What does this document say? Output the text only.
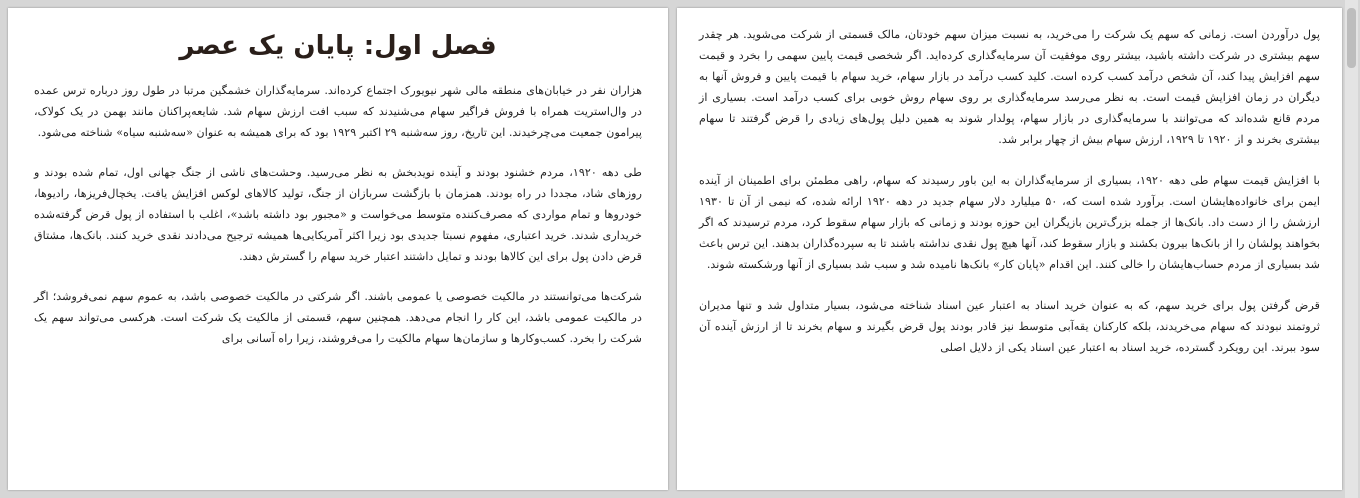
فصل اول: پایان یک عصر

هزاران نفر در خیابان‌های منطقه مالی شهر نیویورک اجتماع کرده‌اند. سرمایه‌گذاران خشمگین مرتبا در طول روز درباره ترس عمده در وال‌استریت همراه با فروش فراگیر سهام می‌شنیدند که سبب افت ارزش سهام شد. شایعه‌پراکنان مانند بهمن در یک کولاک، پیرامون جمعیت می‌چرخیدند. این تاریخ، روز سه‌شنبه ۲۹ اکتبر ۱۹۲۹ بود که برای همیشه به عنوان «سه‌شنبه سیاه» شناخته می‌شود.

طی دهه ۱۹۲۰، مردم خشنود بودند و آینده نویدبخش به نظر می‌رسید. وحشت‌های ناشی از جنگ جهانی اول، تمام شده بودند و روزهای شاد، مجددا در راه بودند. همزمان با بازگشت سربازان از جنگ، تولید کالاهای لوکس افزایش یافت. یخچال‌فریزها، رادیوها، خودروها و تمام مواردی که مصرف‌کننده متوسط می‌خواست و «مجبور بود داشته باشد»، اغلب با استفاده از پول قرض گرفته‌شده خریداری شدند. خرید اعتباری، مفهوم نسبتا جدیدی بود زیرا اکثر آمریکایی‌ها همیشه ترجیح می‌دادند نقدی خرید کنند. بانک‌ها، مشتاق قرض دادن پول برای این کالاها بودند و تمایل داشتند اعتبار خرید سهام را گسترش دهند.

شرکت‌ها می‌توانستند در مالکیت خصوصی یا عمومی باشند. اگر شرکتی در مالکیت خصوصی باشد، به عموم سهم نمی‌فروشد؛ اگر در مالکیت عمومی باشد، این کار را انجام می‌دهد. همچنین سهم، قسمتی از مالکیت یک شرکت است. هرکسی می‌تواند سهم یک شرکت را بخرد. کسب‌وکارها و سازمان‌ها سهام مالکیت را می‌فروشند، زیرا راه آسانی برای

پول درآوردن است. زمانی که سهم یک شرکت را می‌خرید، به نسبت میزان سهم خودتان، مالک قسمتی از شرکت می‌شوید. هر چقدر سهم بیشتری در شرکت داشته باشید، بیشتر روی موفقیت آن سرمایه‌گذاری کرده‌اید. اگر شخصی قیمت پایین سهمی را بخرد و قیمت سهم افزایش پیدا کند، آن شخص درآمد کسب کرده است. کلید کسب درآمد در بازار سهام، خرید سهام با قیمت پایین و فروش آنها به دیگران در زمان افزایش قیمت است. به نظر می‌رسد سرمایه‌گذاری بر روی سهام روش خوبی برای کسب درآمد است. بسیاری از مردم قانع شده‌اند که می‌توانند با سرمایه‌گذاری در بازار سهام، پولدار شوند به همین دلیل پول‌های زیادی را قرض گرفتند تا سهام بیشتری بخرند و از ۱۹۲۰ تا ۱۹۲۹، ارزش سهام بیش از چهار برابر شد.

با افزایش قیمت سهام طی دهه ۱۹۲۰، بسیاری از سرمایه‌گذاران به این باور رسیدند که سهام، راهی مطمئن برای اطمینان از آینده ایمن برای خانواده‌هایشان است. برآورد شده است که، ۵۰ میلیارد دلار سهام جدید در دهه ۱۹۲۰ ارائه شده، که نیمی از آن تا ۱۹۳۰ ارزشش را از دست داد. بانک‌ها از جمله بزرگ‌ترین بازیگران این حوزه بودند و زمانی که بازار سهام سقوط کرد، مردم ترسیدند که اگر بخواهند پولشان را از بانک‌ها بیرون بکشند و بازار سقوط کند، آنها هیچ پول نقدی نداشته باشند تا به سپرده‌گذاران بدهند. این ترس باعث شد بسیاری از مردم حساب‌هایشان را خالی کنند. این اقدام «پایان کار» بانک‌ها نامیده شد و سبب شد بسیاری از آنها ورشکسته شوند.

قرض گرفتن پول برای خرید سهم، که به عنوان خرید اسناد به اعتبار عین اسناد شناخته می‌شود، بسیار متداول شد و تنها مدیران ثروتمند نبودند که سهام می‌خریدند، بلکه کارکنان یقه‌آبی متوسط نیز قادر بودند پول قرض بگیرند و سهام بخرند تا از ارزش آینده آن سود ببرند. این رویکرد گسترده، خرید اسناد به اعتبار عین اسناد یکی از دلایل اصلی
